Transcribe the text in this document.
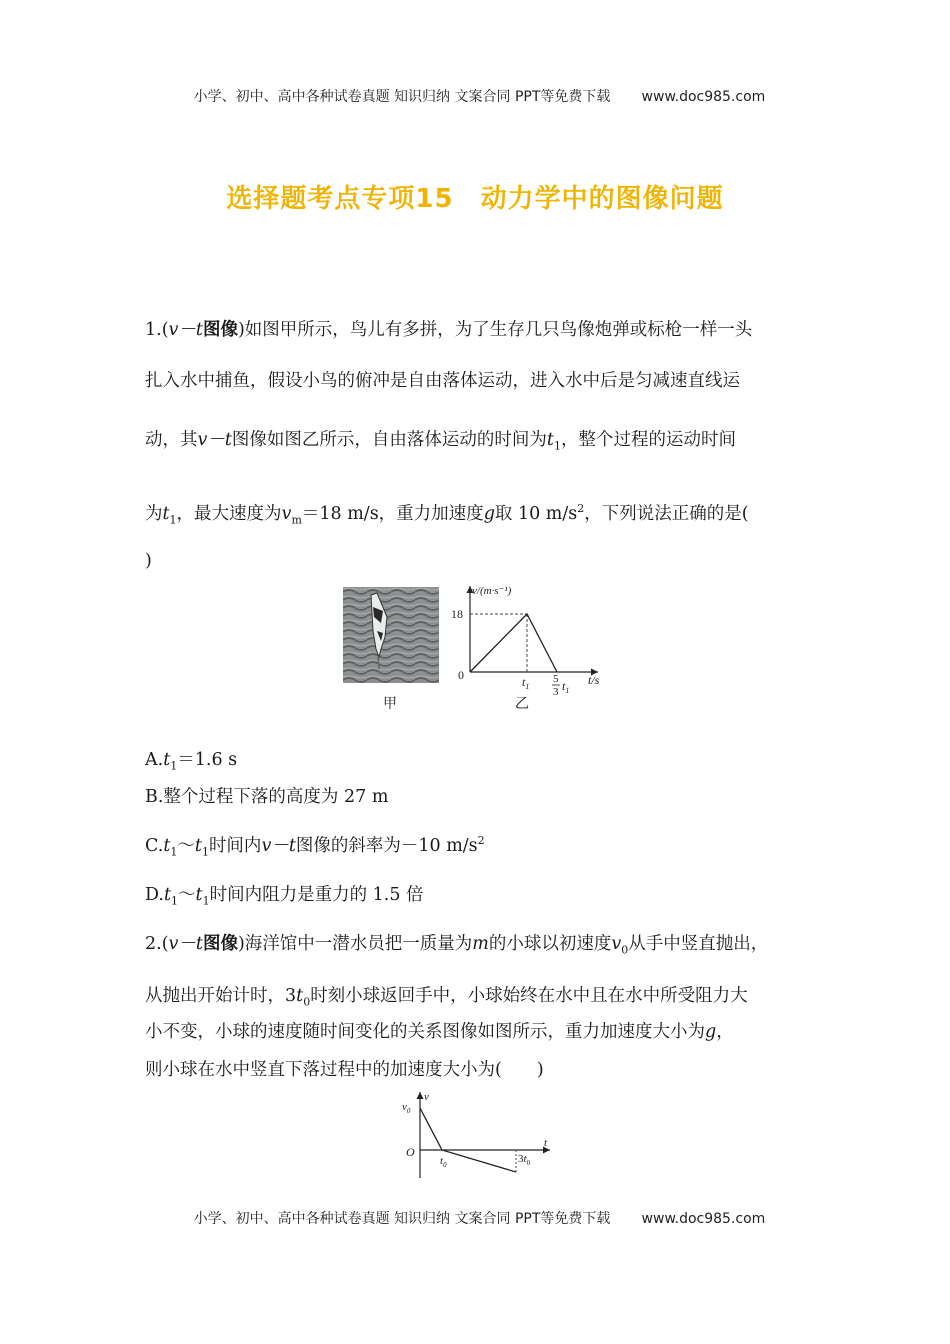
小学、初中、高中各种试卷真题 知识归纳 文案合同 PPT等免费下载 www.doc985.com

选择题考点专项15　动力学中的图像问题
1.(v－t图像)如图甲所示，鸟儿有多拼，为了生存几只鸟像炮弹或标枪一样一头
扎入水中捕鱼，假设小鸟的俯冲是自由落体运动，进入水中后是匀减速直线运
动，其v－t图像如图乙所示，自由落体运动的时间为$t_1$，整个过程的运动时间
为$t_1$，最大速度为$v_m=18$ m/s，重力加速度g取 10 $m/s^2$，下列说法正确的是(
)
甲
v/(m·s⁻¹)
18
0	$t_1$
5
3 $t_1$
t/s
乙
$A.t_1=1.6$ s
B.整个过程下落的高度为 27 m
$C.t_1\sim t_1$时间内v－t图像的斜率为－10 $m/s^2$
$D.t_1\sim t_1$时间内阻力是重力的 1.5 倍
2.(v－t图像)海洋馆中一潜水员把一质量为m的小球以初速度$v_0$从手中竖直抛出，
从抛出开始计时，$3t_0$时刻小球返回手中，小球始终在水中且在水中所受阻力大
小不变，小球的速度随时间变化的关系图像如图所示，重力加速度大小为g，
则小球在水中竖直下落过程中的加速度大小为(　　)
v
$v_0$
O
$t_0$	$3t_0$
t

小学、初中、高中各种试卷真题 知识归纳 文案合同 PPT等免费下载 www.doc985.com
